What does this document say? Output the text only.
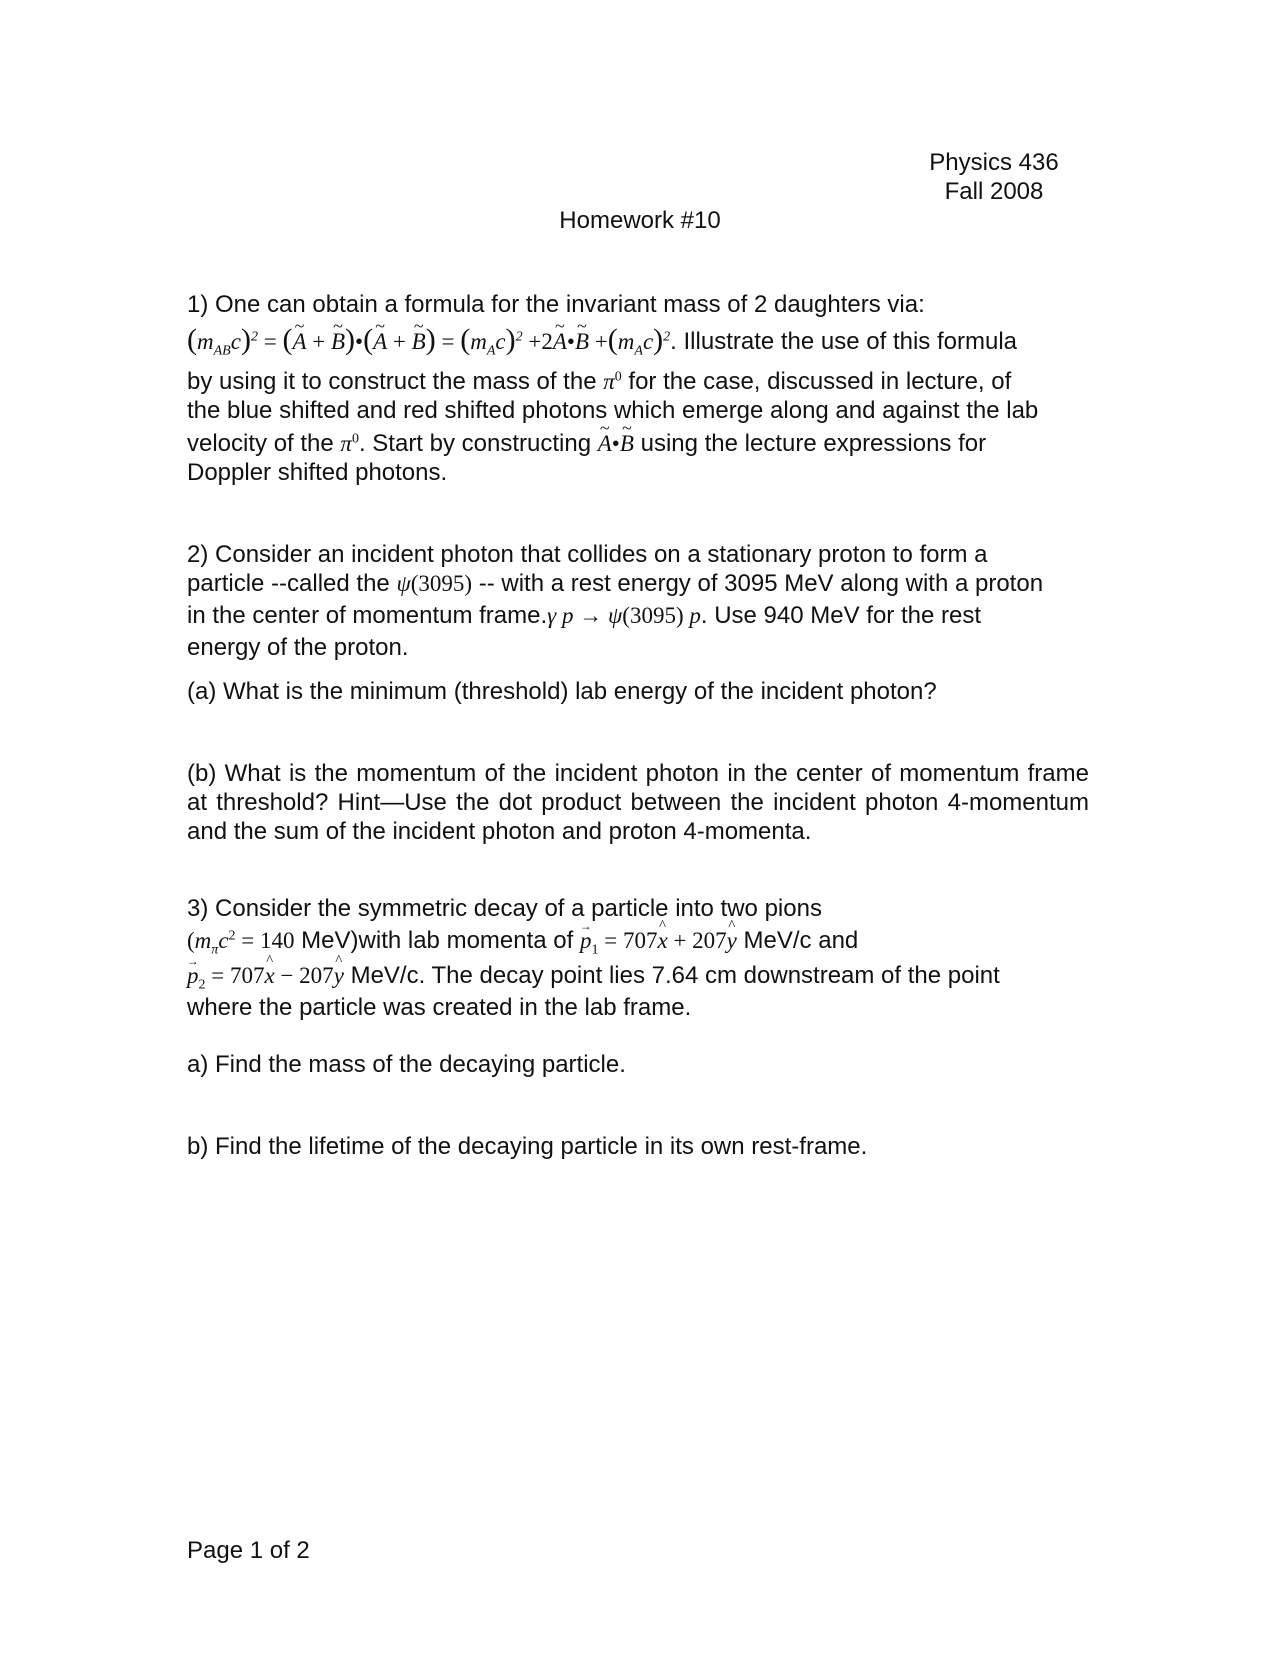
Physics 436
Fall 2008
Homework #10
1) One can obtain a formula for the invariant mass of 2 daughters via:
$(m_{AB}c)^2$ = (~ A + ~ B)•(~ A + ~ $B) = (m_Ac)^2$ +2~ A•~ $B +(m_Ac)^2$. Illustrate the use of this formula
by using it to construct the mass of the $\pi^0$ for the case, discussed in lecture, of
the blue shifted and red shifted photons which emerge along and against the lab
velocity of the $\pi^0$. Start by constructing ~ A•~ B using the lecture expressions for
Doppler shifted photons.
2) Consider an incident photon that collides on a stationary proton to form a
particle --called the ψ(3095) -- with a rest energy of 3095 MeV along with a proton
in the center of momentum frame.γ p → ψ(3095) p. Use 940 MeV for the rest
energy of the proton.
(a) What is the minimum (threshold) lab energy of the incident photon?
(b) What is the momentum of the incident photon in the center of momentum frame at threshold? Hint—Use the dot product between the incident photon 4-momentum and the sum of the incident photon and proton 4-momenta.
3) Consider the symmetric decay of a particle into two pions
($m_\pi c^2 = 140$ MeV)with lab momenta of → $p_1$ = 707^ x + 207^ y MeV/c and
→ $p_2$ = 707^ x − 207^ y MeV/c. The decay point lies 7.64 cm downstream of the point
where the particle was created in the lab frame.
a) Find the mass of the decaying particle.
b) Find the lifetime of the decaying particle in its own rest-frame.
Page 1 of 2
